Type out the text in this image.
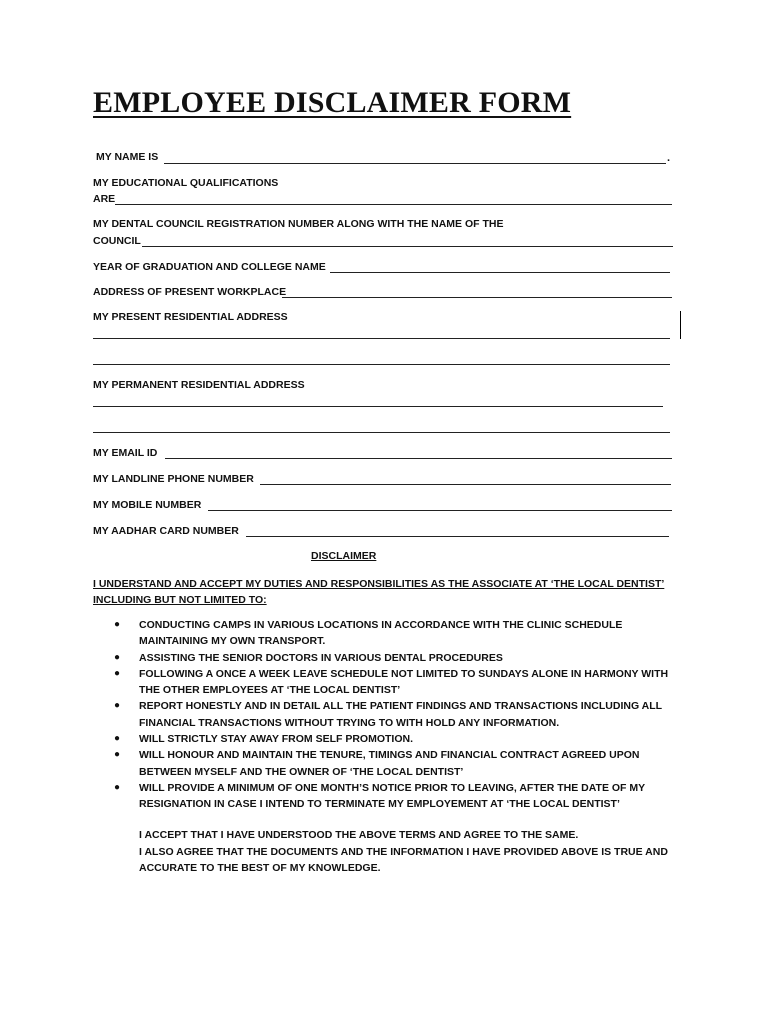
EMPLOYEE DISCLAIMER FORM
MY NAME IS	.
MY EDUCATIONAL QUALIFICATIONS
ARE
MY DENTAL COUNCIL REGISTRATION NUMBER ALONG WITH THE NAME OF THE
COUNCIL
YEAR OF GRADUATION AND COLLEGE NAME
ADDRESS OF PRESENT WORKPLACE
MY PRESENT RESIDENTIAL ADDRESS
MY PERMANENT RESIDENTIAL ADDRESS
MY EMAIL ID
MY LANDLINE PHONE NUMBER
MY MOBILE NUMBER
MY AADHAR CARD NUMBER
DISCLAIMER

I UNDERSTAND AND ACCEPT MY DUTIES AND RESPONSIBILITIES AS THE ASSOCIATE AT ‘THE LOCAL DENTIST’ INCLUDING BUT NOT LIMITED TO:

● CONDUCTING CAMPS IN VARIOUS LOCATIONS IN ACCORDANCE WITH THE CLINIC SCHEDULE MAINTAINING MY OWN TRANSPORT.
● ASSISTING THE SENIOR DOCTORS IN VARIOUS DENTAL PROCEDURES
● FOLLOWING A ONCE A WEEK LEAVE SCHEDULE NOT LIMITED TO SUNDAYS ALONE IN HARMONY WITH THE OTHER EMPLOYEES AT ‘THE LOCAL DENTIST’
● REPORT HONESTLY AND IN DETAIL ALL THE PATIENT FINDINGS AND TRANSACTIONS INCLUDING ALL FINANCIAL TRANSACTIONS WITHOUT TRYING TO WITH HOLD ANY INFORMATION.
● WILL STRICTLY STAY AWAY FROM SELF PROMOTION.
● WILL HONOUR AND MAINTAIN THE TENURE, TIMINGS AND FINANCIAL CONTRACT AGREED UPON BETWEEN MYSELF AND THE OWNER OF ‘THE LOCAL DENTIST’
● WILL PROVIDE A MINIMUM OF ONE MONTH’S NOTICE PRIOR TO LEAVING, AFTER THE DATE OF MY RESIGNATION IN CASE I INTEND TO TERMINATE MY EMPLOYEMENT AT ‘THE LOCAL DENTIST’

I ACCEPT THAT I HAVE UNDERSTOOD THE ABOVE TERMS AND AGREE TO THE SAME.

I ALSO AGREE THAT THE DOCUMENTS AND THE INFORMATION I HAVE PROVIDED ABOVE IS TRUE AND ACCURATE TO THE BEST OF MY KNOWLEDGE.
